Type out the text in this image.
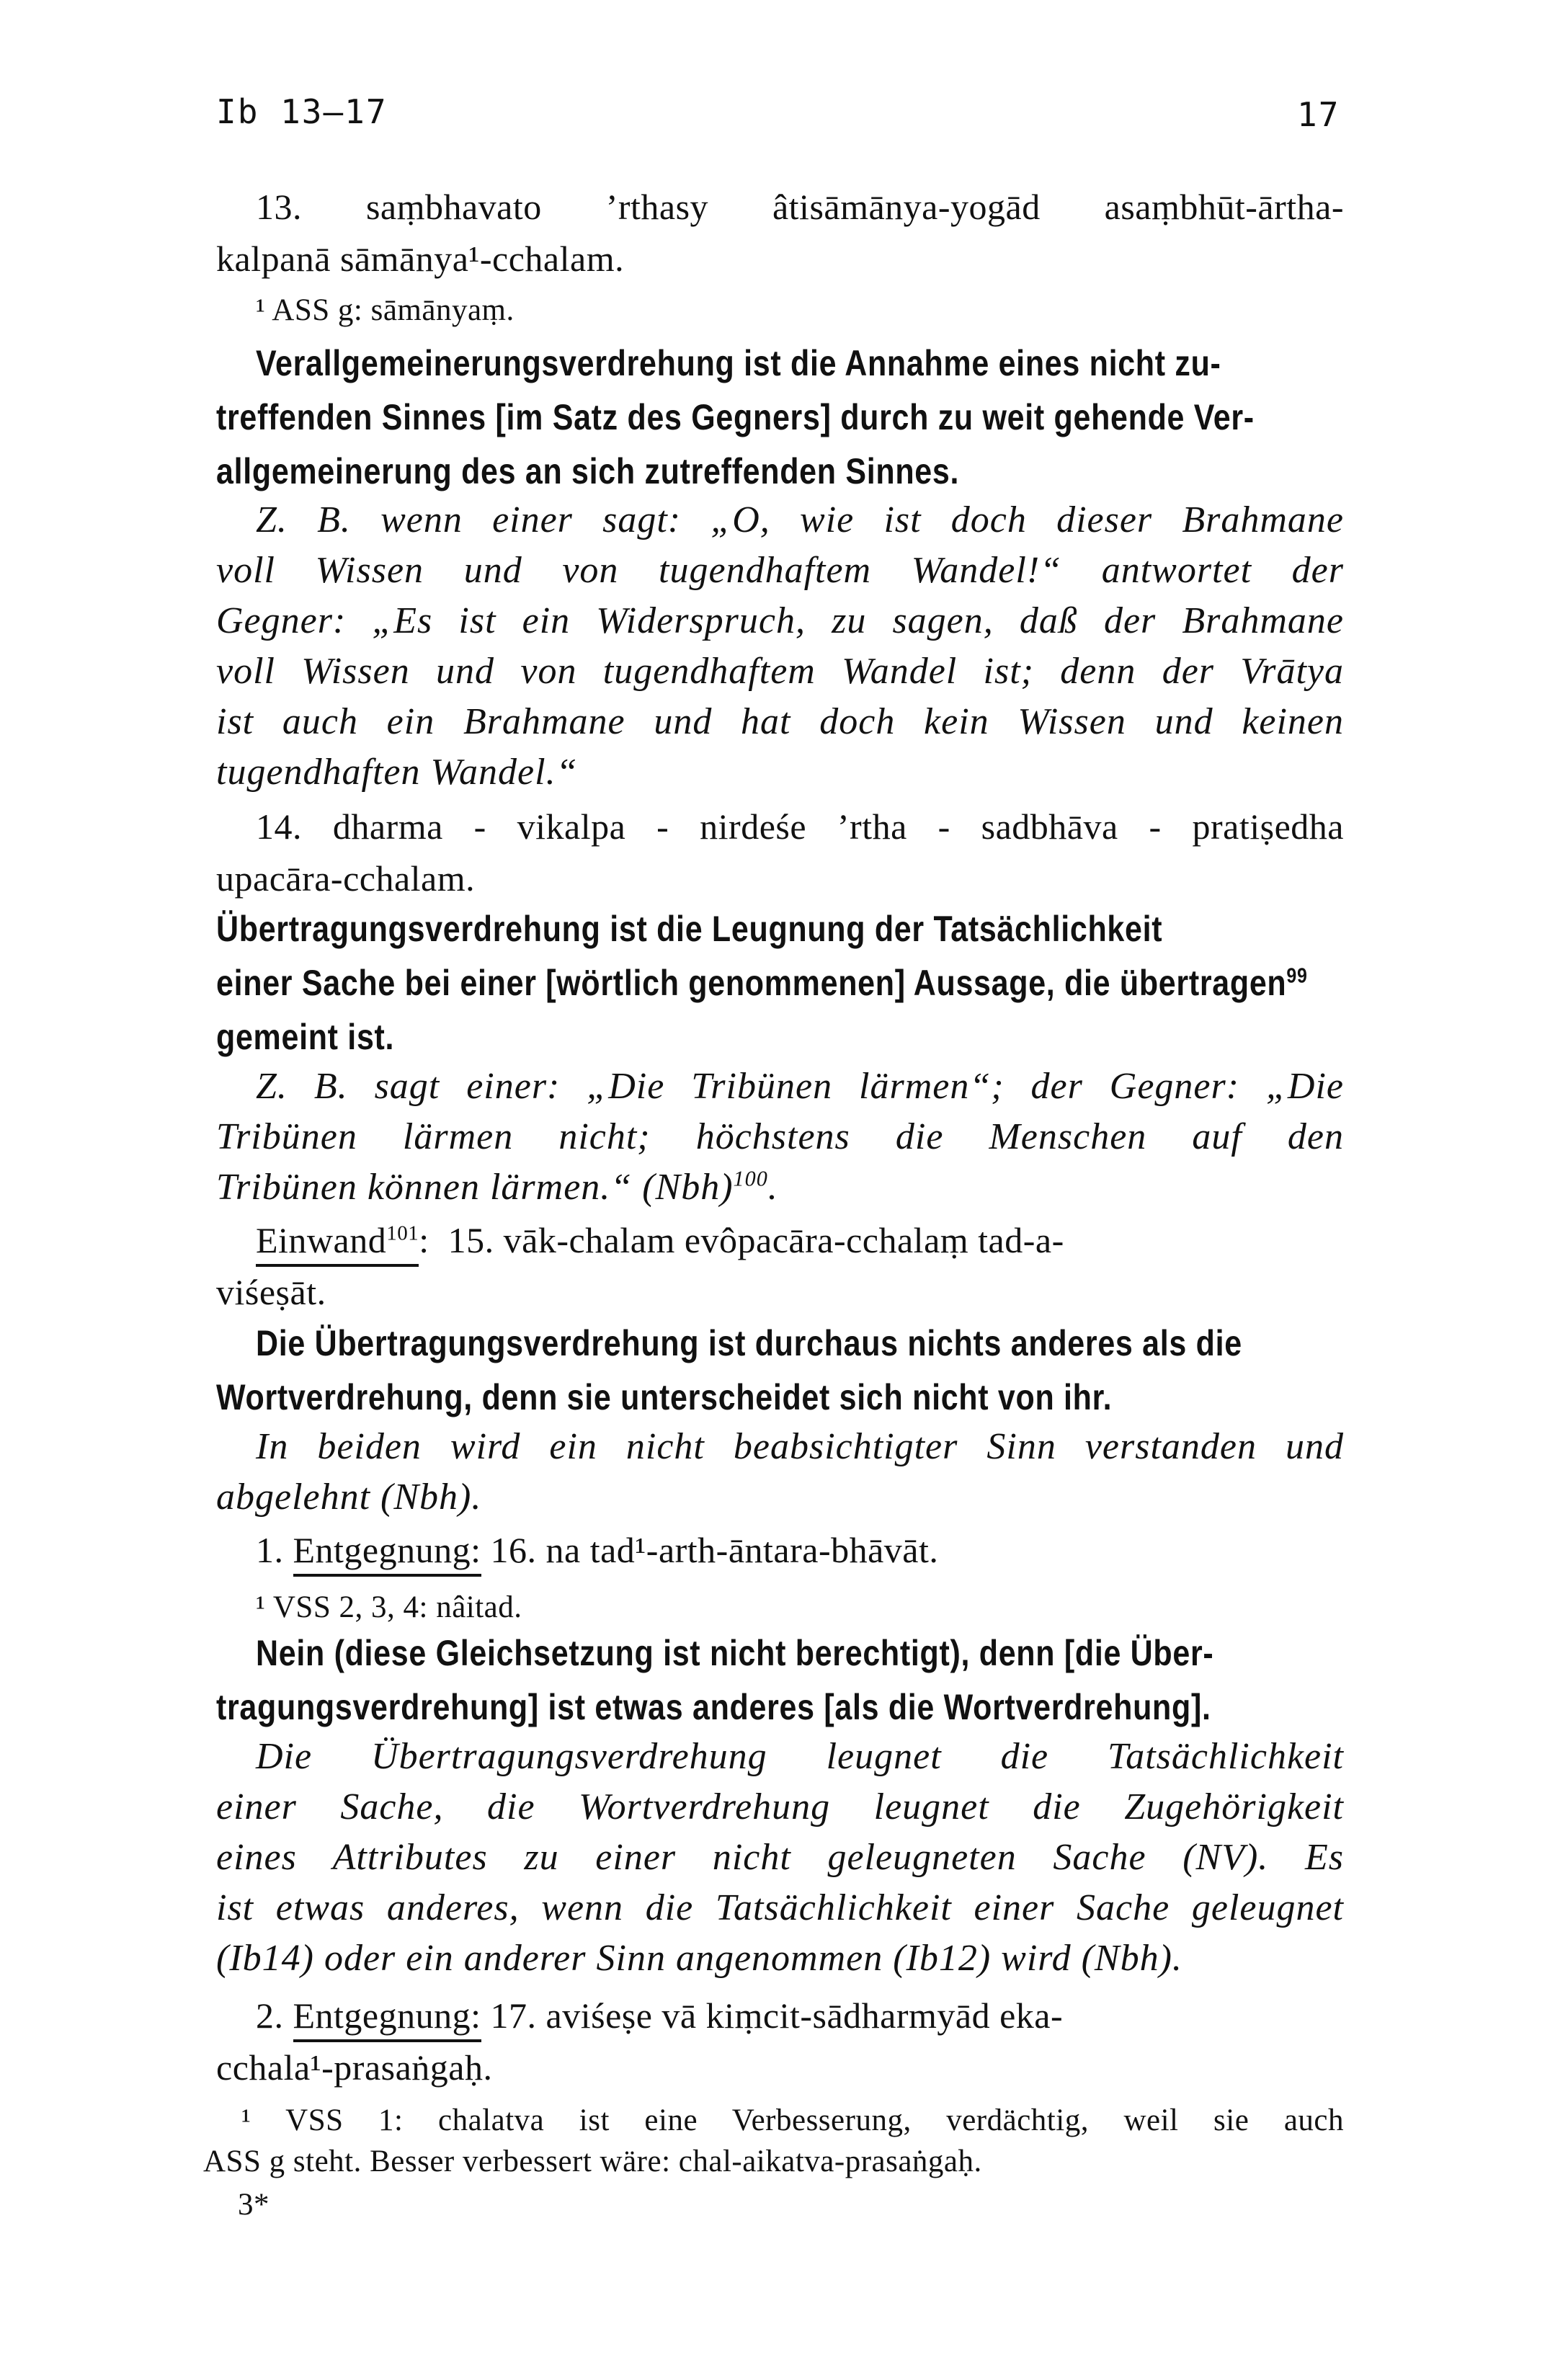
Ib 13—17	17
13. saṃbhavato ’rthasy âtisāmānya-yogād asaṃbhūt-ārtha-
kalpanā sāmānya¹-cchalam.
¹ ASS g: sāmānyaṃ.
Verallgemeinerungsverdrehung ist die Annahme eines nicht zu-
treffenden Sinnes [im Satz des Gegners] durch zu weit gehende Ver-
allgemeinerung des an sich zutreffenden Sinnes.
Z. B. wenn einer sagt: „O, wie ist doch dieser Brahmane
voll Wissen und von tugendhaftem Wandel!“ antwortet der
Gegner: „Es ist ein Widerspruch, zu sagen, daß der Brahmane
voll Wissen und von tugendhaftem Wandel ist; denn der Vrātya
ist auch ein Brahmane und hat doch kein Wissen und keinen
tugendhaften Wandel.“
14. dharma - vikalpa - nirdeśe ’rtha - sadbhāva - pratiṣedha
upacāra-cchalam.
Übertragungsverdrehung ist die Leugnung der Tatsächlichkeit
einer Sache bei einer [wörtlich genommenen] Aussage, die übertragen$^{99}$
gemeint ist.
Z. B. sagt einer: „Die Tribünen lärmen“; der Gegner: „Die
Tribünen lärmen nicht; höchstens die Menschen auf den
Tribünen können lärmen.“ (Nbh)$^{100}$.
Einwand$^{101}$: 15. vāk-chalam evôpacāra-cchalaṃ tad-a-
viśeṣāt.
Die Übertragungsverdrehung ist durchaus nichts anderes als die
Wortverdrehung, denn sie unterscheidet sich nicht von ihr.
In beiden wird ein nicht beabsichtigter Sinn verstanden und
abgelehnt (Nbh).
1. Entgegnung: 16. na tad¹-arth-āntara-bhāvāt.
¹ VSS 2, 3, 4: nâitad.
Nein (diese Gleichsetzung ist nicht berechtigt), denn [die Über-
tragungsverdrehung] ist etwas anderes [als die Wortverdrehung].
Die Übertragungsverdrehung leugnet die Tatsächlichkeit
einer Sache, die Wortverdrehung leugnet die Zugehörigkeit
eines Attributes zu einer nicht geleugneten Sache (NV). Es
ist etwas anderes, wenn die Tatsächlichkeit einer Sache geleugnet
(Ib14) oder ein anderer Sinn angenommen (Ib12) wird (Nbh).
2. Entgegnung: 17. aviśeṣe vā kiṃcit-sādharmyād eka-
cchala¹-prasaṅgaḥ.
¹ VSS 1: chalatva ist eine Verbesserung, verdächtig, weil sie auch
ASS g steht. Besser verbessert wäre: chal-aikatva-prasaṅgaḥ.
3*
